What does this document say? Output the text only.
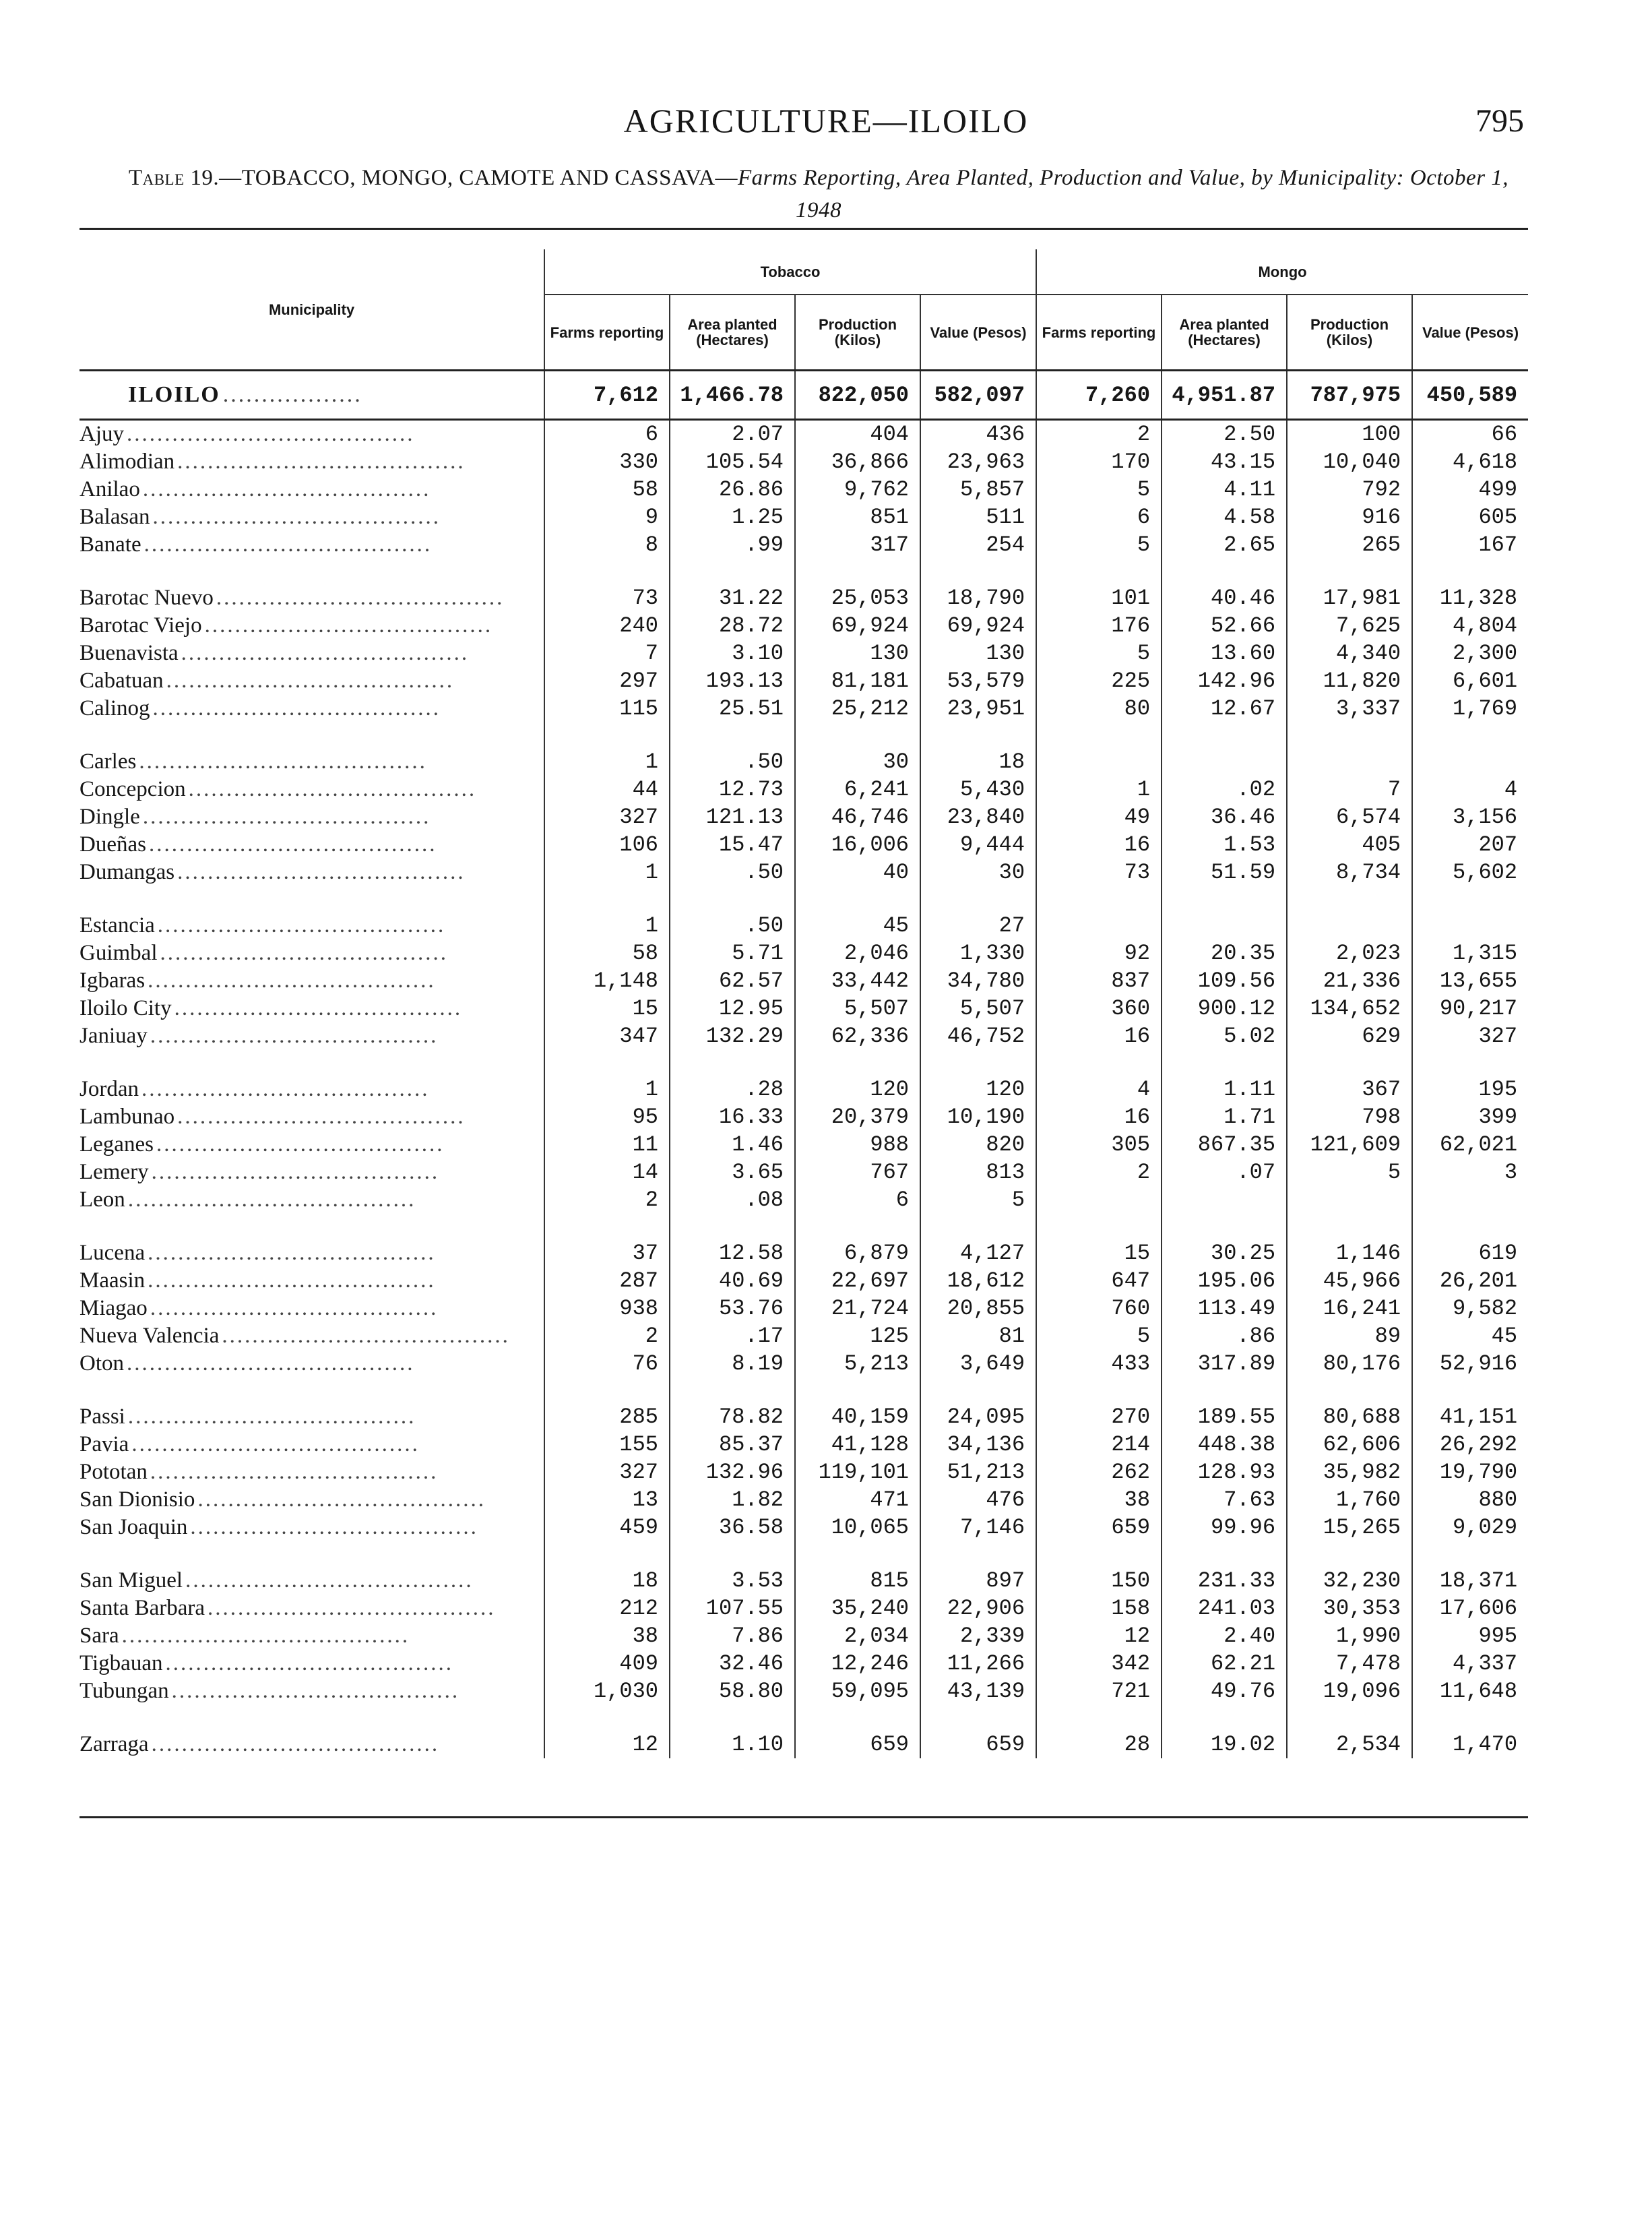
AGRICULTURE—ILOILO	795
Table 19.—TOBACCO, MONGO, CAMOTE AND CASSAVA—Farms Reporting, Area Planted, Production and Value, by Municipality: October 1, 1948
Municipality	Tobacco				Mongo			
	Farms reporting	Area planted (Hectares)	Production (Kilos)	Value (Pesos)	Farms reporting	Area planted (Hectares)	Production (Kilos)	Value (Pesos)
ILOILO ..................	7,612	1,466.78	822,050	582,097	7,260	4,951.87	787,975	450,589
Ajuy ......................................	6	2.07	404	436	2	2.50	100	66
Alimodian ......................................	330	105.54	36,866	23,963	170	43.15	10,040	4,618
Anilao ......................................	58	26.86	9,762	5,857	5	4.11	792	499
Balasan ......................................	9	1.25	851	511	6	4.58	916	605
Banate ......................................	8	.99	317	254	5	2.65	265	167

Barotac Nuevo ......................................	73	31.22	25,053	18,790	101	40.46	17,981	11,328
Barotac Viejo ......................................	240	28.72	69,924	69,924	176	52.66	7,625	4,804
Buenavista ......................................	7	3.10	130	130	5	13.60	4,340	2,300
Cabatuan ......................................	297	193.13	81,181	53,579	225	142.96	11,820	6,601
Calinog ......................................	115	25.51	25,212	23,951	80	12.67	3,337	1,769

Carles ......................................	1	.50	30	18				
Concepcion ......................................	44	12.73	6,241	5,430	1	.02	7	4
Dingle ......................................	327	121.13	46,746	23,840	49	36.46	6,574	3,156
Dueñas ......................................	106	15.47	16,006	9,444	16	1.53	405	207
Dumangas ......................................	1	.50	40	30	73	51.59	8,734	5,602

Estancia ......................................	1	.50	45	27				
Guimbal ......................................	58	5.71	2,046	1,330	92	20.35	2,023	1,315
Igbaras ......................................	1,148	62.57	33,442	34,780	837	109.56	21,336	13,655
Iloilo City ......................................	15	12.95	5,507	5,507	360	900.12	134,652	90,217
Janiuay ......................................	347	132.29	62,336	46,752	16	5.02	629	327

Jordan ......................................	1	.28	120	120	4	1.11	367	195
Lambunao ......................................	95	16.33	20,379	10,190	16	1.71	798	399
Leganes ......................................	11	1.46	988	820	305	867.35	121,609	62,021
Lemery ......................................	14	3.65	767	813	2	.07	5	3
Leon ......................................	2	.08	6	5				

Lucena ......................................	37	12.58	6,879	4,127	15	30.25	1,146	619
Maasin ......................................	287	40.69	22,697	18,612	647	195.06	45,966	26,201
Miagao ......................................	938	53.76	21,724	20,855	760	113.49	16,241	9,582
Nueva Valencia ......................................	2	.17	125	81	5	.86	89	45
Oton ......................................	76	8.19	5,213	3,649	433	317.89	80,176	52,916

Passi ......................................	285	78.82	40,159	24,095	270	189.55	80,688	41,151
Pavia ......................................	155	85.37	41,128	34,136	214	448.38	62,606	26,292
Pototan ......................................	327	132.96	119,101	51,213	262	128.93	35,982	19,790
San Dionisio ......................................	13	1.82	471	476	38	7.63	1,760	880
San Joaquin ......................................	459	36.58	10,065	7,146	659	99.96	15,265	9,029

San Miguel ......................................	18	3.53	815	897	150	231.33	32,230	18,371
Santa Barbara ......................................	212	107.55	35,240	22,906	158	241.03	30,353	17,606
Sara ......................................	38	7.86	2,034	2,339	12	2.40	1,990	995
Tigbauan ......................................	409	32.46	12,246	11,266	342	62.21	7,478	4,337
Tubungan ......................................	1,030	58.80	59,095	43,139	721	49.76	19,096	11,648

Zarraga ......................................	12	1.10	659	659	28	19.02	2,534	1,470
